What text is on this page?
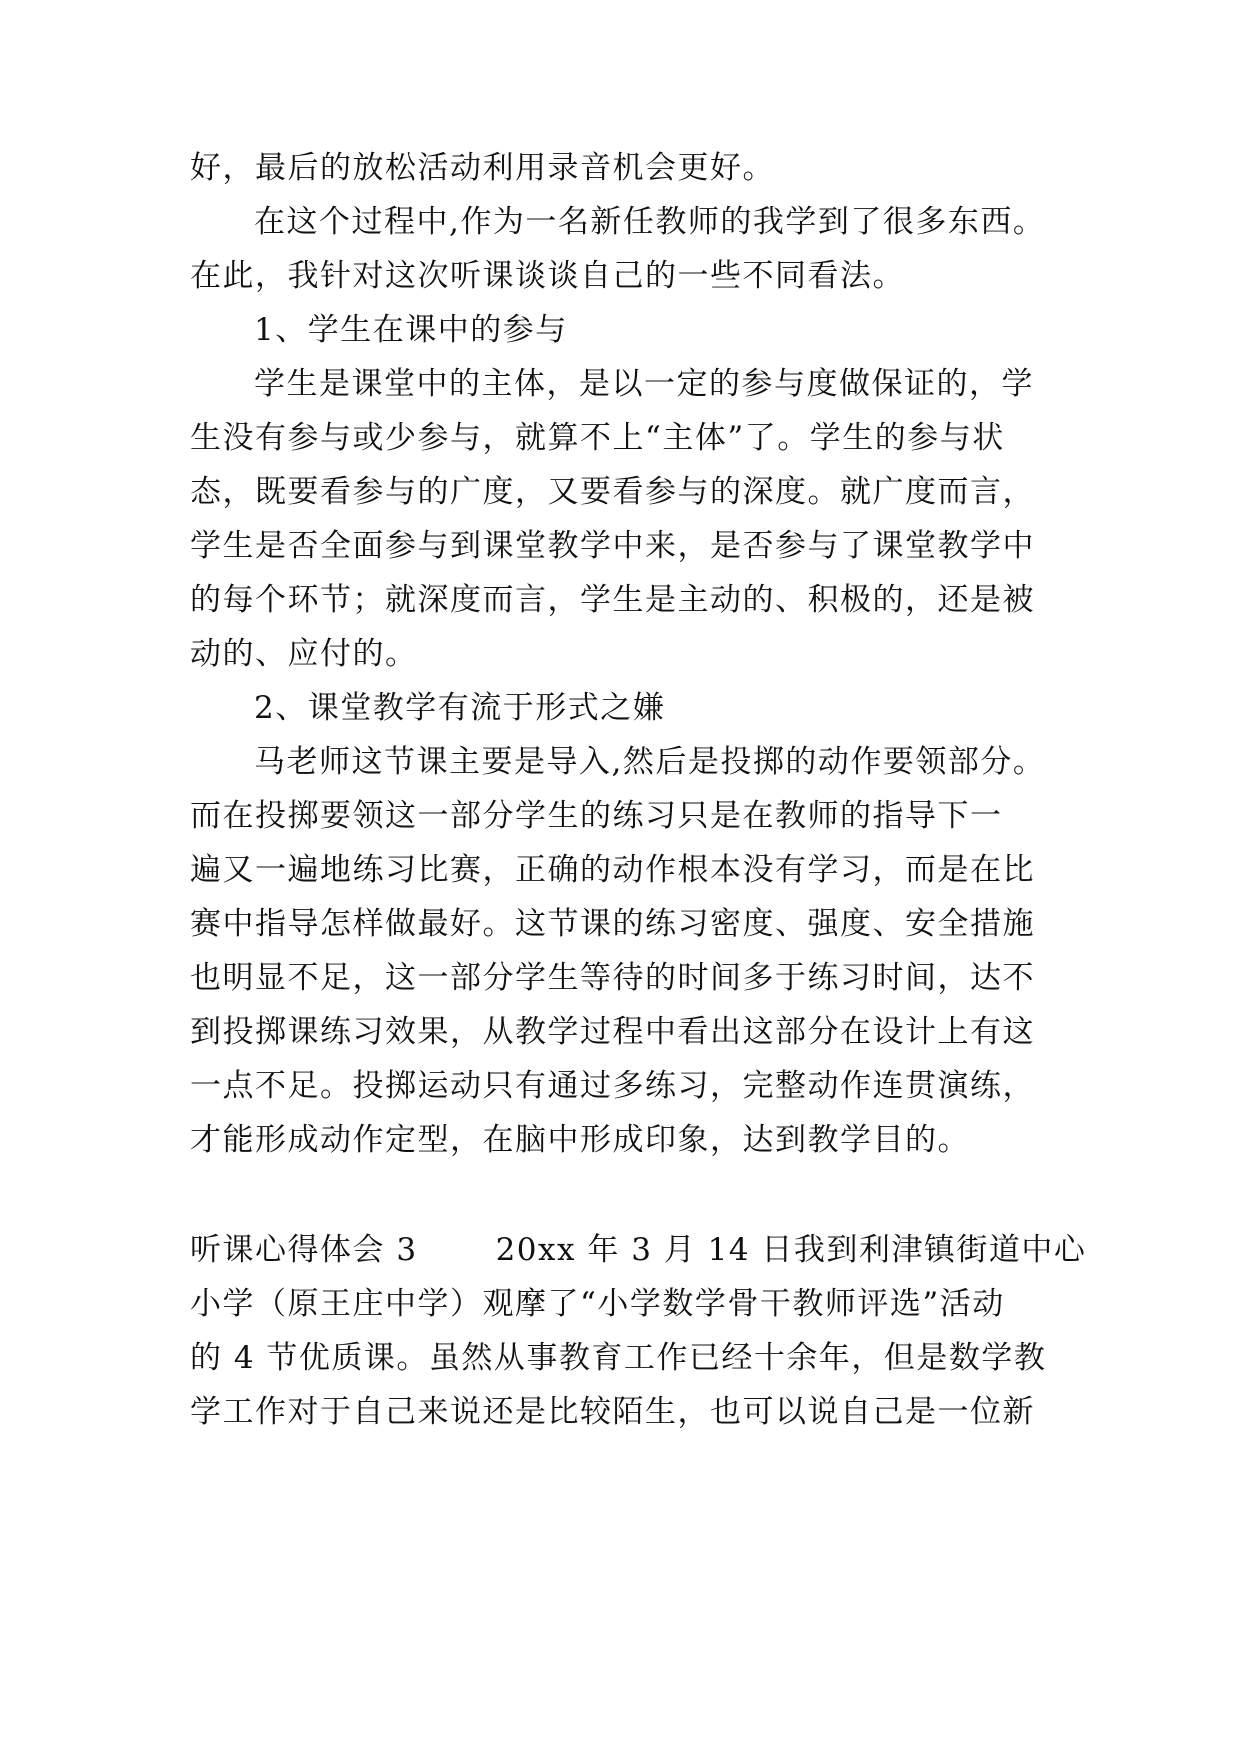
好，最后的放松活动利用录音机会更好。
在这个过程中,作为一名新任教师的我学到了很多东西。
在此，我针对这次听课谈谈自己的一些不同看法。
1、学生在课中的参与
学生是课堂中的主体，是以一定的参与度做保证的，学
生没有参与或少参与，就算不上“主体”了。学生的参与状
态，既要看参与的广度，又要看参与的深度。就广度而言，
学生是否全面参与到课堂教学中来，是否参与了课堂教学中
的每个环节；就深度而言，学生是主动的、积极的，还是被
动的、应付的。
2、课堂教学有流于形式之嫌
马老师这节课主要是导入,然后是投掷的动作要领部分。
而在投掷要领这一部分学生的练习只是在教师的指导下一
遍又一遍地练习比赛，正确的动作根本没有学习，而是在比
赛中指导怎样做最好。这节课的练习密度、强度、安全措施
也明显不足，这一部分学生等待的时间多于练习时间，达不
到投掷课练习效果，从教学过程中看出这部分在设计上有这
一点不足。投掷运动只有通过多练习，完整动作连贯演练，
才能形成动作定型，在脑中形成印象，达到教学目的。
听课心得体会 3	20xx 年 3 月 14 日我到利津镇街道中心
小学（原王庄中学）观摩了“小学数学骨干教师评选”活动
的 4 节优质课。虽然从事教育工作已经十余年，但是数学教
学工作对于自己来说还是比较陌生，也可以说自己是一位新
